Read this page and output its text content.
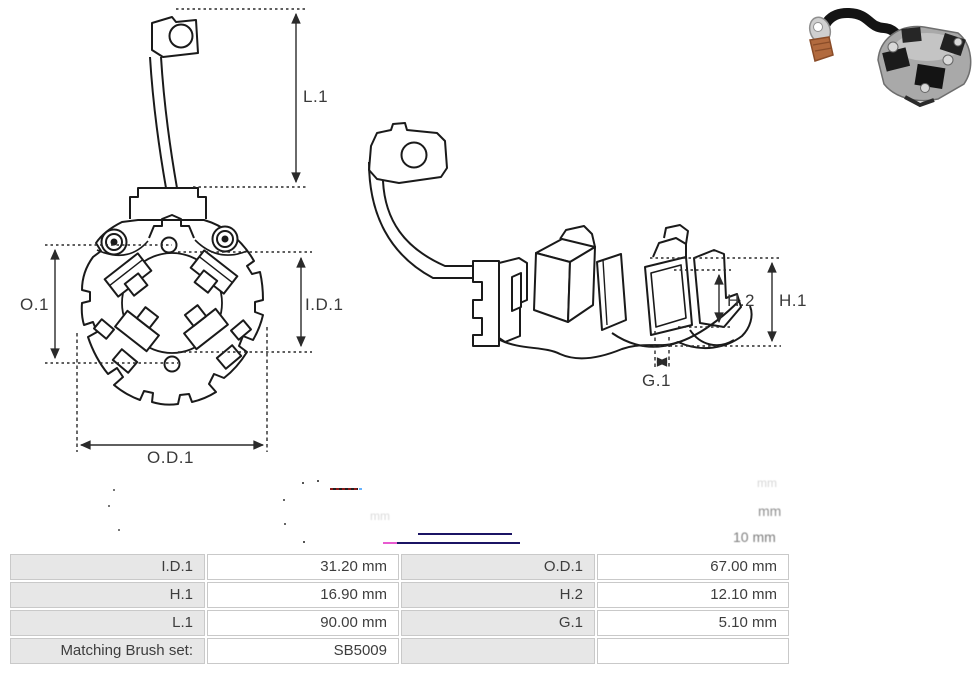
L.1
O.1	I.D.1
O.D.1
H.2 H.1
G.1
mm
mm
10 mm
mm
I.D.1	31.20 mm	O.D.1	67.00 mm
H.1	16.90 mm	H.2	12.10 mm
L.1	90.00 mm	G.1	5.10 mm
Matching Brush set:	SB5009
